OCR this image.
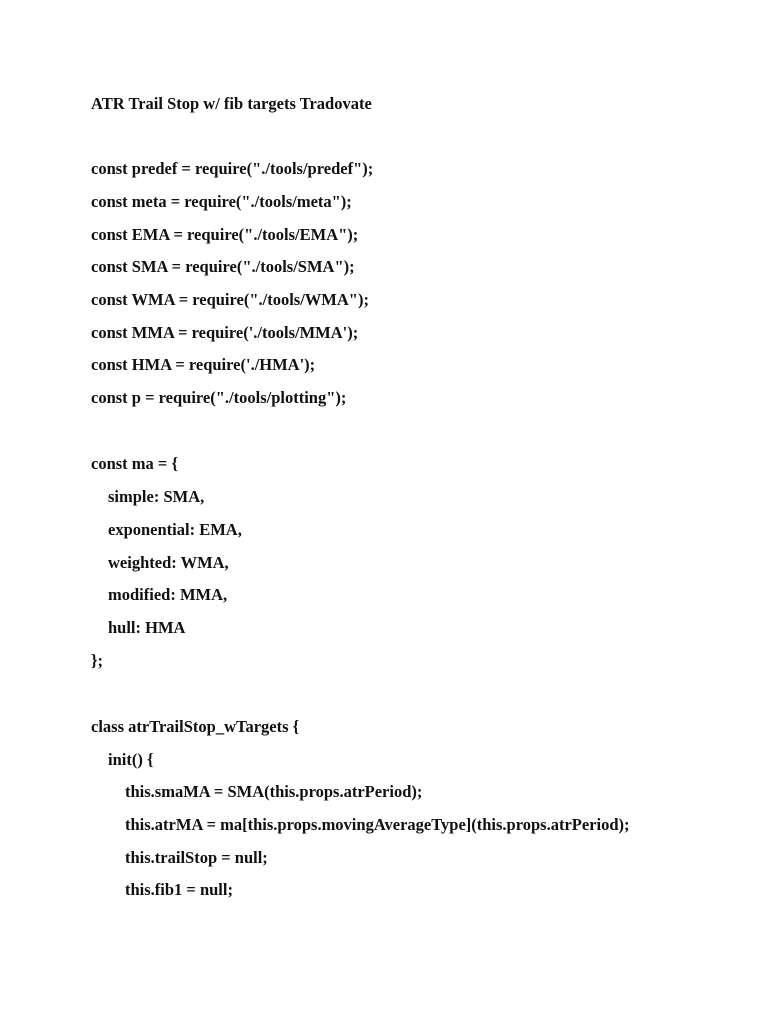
ATR Trail Stop w/ fib targets Tradovate
const predef = require("./tools/predef");
const meta = require("./tools/meta");
const EMA = require("./tools/EMA");
const SMA = require("./tools/SMA");
const WMA = require("./tools/WMA");
const MMA = require('./tools/MMA');
const HMA = require('./HMA');
const p = require("./tools/plotting");
const ma = {
simple: SMA,
exponential: EMA,
weighted: WMA,
modified: MMA,
hull: HMA
};
class atrTrailStop_wTargets {
init() {
this.smaMA = SMA(this.props.atrPeriod);
this.atrMA = ma[this.props.movingAverageType](this.props.atrPeriod);
this.trailStop = null;
this.fib1 = null;
